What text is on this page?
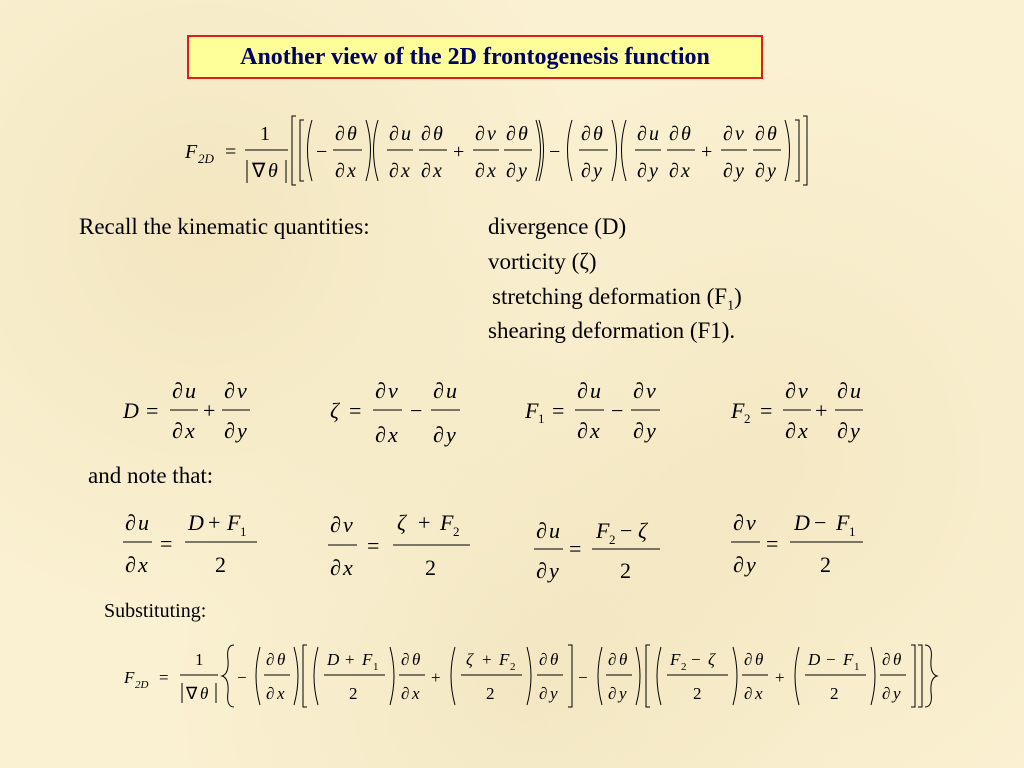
Another view of the 2D frontogenesis function
F 2D =
1
∇ θ
−
∂ θ
∂ x
∂ u
∂ x
∂ θ
∂ x
+
∂ v
∂ x
∂ θ
∂ y
−
∂ θ
∂ y
∂ u
∂ y
∂ θ
∂ x
+
∂ v
∂ y
∂ θ
∂ y
Recall the kinematic quantities:	divergence (D)
vorticity (ζ)
stretching deformation $(F_1)$
shearing deformation (F1).
D =
∂ u
∂ x
+
∂ v
∂ y
ζ =
∂ v
∂ x
−
∂ u
∂ y
F 1 =
∂ u
∂ x
−
∂ v
∂ y
F 2 =
∂ v
∂ x
+
∂ u
∂ y
and note that:
∂ u
∂ x
=
D + F 1
2
∂ v
∂ x
=
ζ + F 2
2
∂ u
∂ y
=
F 2 − ζ
2
∂ v
∂ y
=
D − F 1
2
Substituting:
F 2D =
1
∇ θ
−
∂ θ
∂ x
D + F 1
2
∂ θ
∂ x
+
ζ + F 2
2
∂ θ
∂ y
−
∂ θ
∂ y
F 2 − ζ
2
∂ θ
∂ x
+
D − F 1
2
∂ θ
∂ y
